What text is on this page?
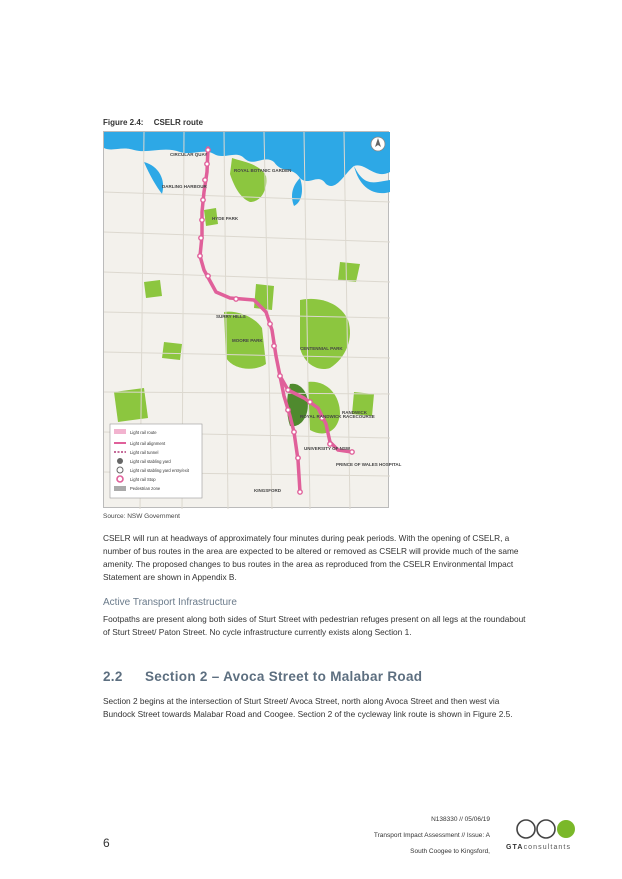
Figure 2.4: CSELR route
CIRCULAR QUAY
DARLING HARBOUR
ROYAL BOTANIC GARDEN
HYDE PARK
SURRY HILLS
MOORE PARK
CENTENNIAL PARK
ROYAL RANDWICK RACECOURSE
UNIVERSITY OF NSW
PRINCE OF WALES HOSPITAL
RANDWICK
KINGSFORD
Light rail route
Light rail alignment
Light rail tunnel
Light rail stabling yard
Light rail stabling yard entry/exit
Light rail Stop
Pedestrian zone
Source: NSW Government

CSELR will run at headways of approximately four minutes during peak periods. With the opening of CSELR, a number of bus routes in the area are expected to be altered or removed as CSELR will provide much of the same amenity. The proposed changes to bus routes in the area as reproduced from the CSELR Environmental Impact Statement are shown in Appendix B.

Active Transport Infrastructure

Footpaths are present along both sides of Sturt Street with pedestrian refuges present on all legs at the roundabout of Sturt Street/ Paton Street. No cycle infrastructure currently exists along Section 1.

2.2 Section 2 – Avoca Street to Malabar Road

Section 2 begins at the intersection of Sturt Street/ Avoca Street, north along Avoca Street and then west via Bundock Street towards Malabar Road and Coogee. Section 2 of the cycleway link route is shown in Figure 2.5.

N138330 // 05/06/19
Transport Impact Assessment // Issue: A
South Coogee to Kingsford,
6	GTAconsultants
